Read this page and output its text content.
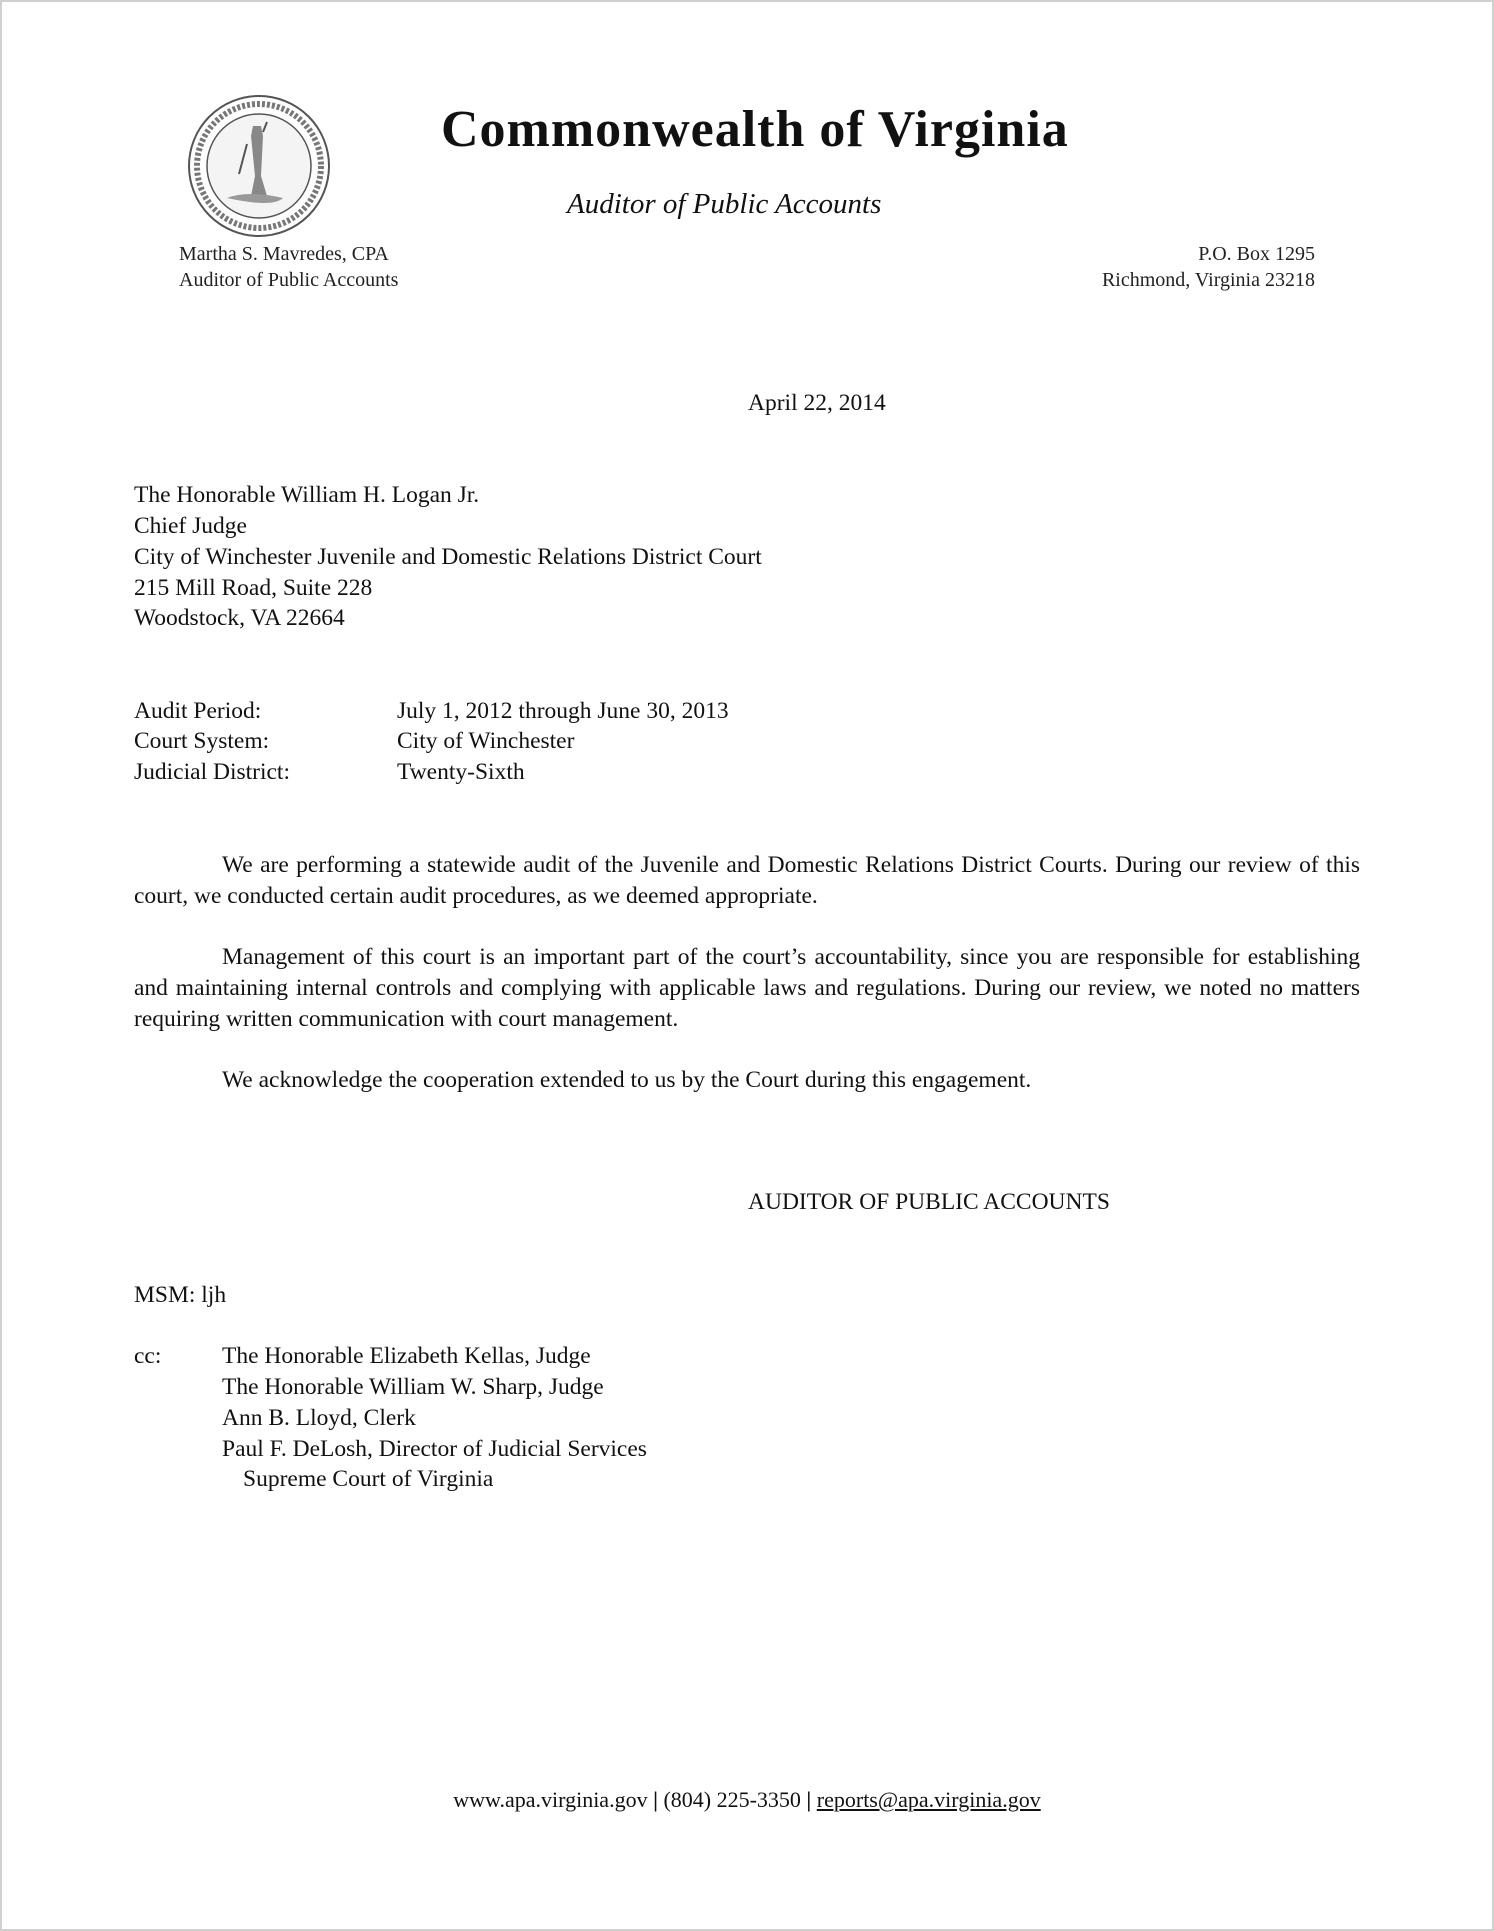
Commonwealth of Virginia
Auditor of Public Accounts
Martha S. Mavredes, CPA
Auditor of Public Accounts
P.O. Box 1295
Richmond, Virginia 23218
April 22, 2014
The Honorable William H. Logan Jr.
Chief Judge
City of Winchester Juvenile and Domestic Relations District Court
215 Mill Road, Suite 228
Woodstock, VA 22664
Audit Period:	July 1, 2012 through June 30, 2013
Court System:	City of Winchester
Judicial District:	Twenty-Sixth

We are performing a statewide audit of the Juvenile and Domestic Relations District Courts. During our review of this court, we conducted certain audit procedures, as we deemed appropriate.

Management of this court is an important part of the court’s accountability, since you are responsible for establishing and maintaining internal controls and complying with applicable laws and regulations. During our review, we noted no matters requiring written communication with court management.

We acknowledge the cooperation extended to us by the Court during this engagement.

AUDITOR OF PUBLIC ACCOUNTS
MSM: ljh
cc:	The Honorable Elizabeth Kellas, Judge
The Honorable William W. Sharp, Judge
Ann B. Lloyd, Clerk
Paul F. DeLosh, Director of Judicial Services
Supreme Court of Virginia
www.apa.virginia.gov | (804) 225-3350 | reports@apa.virginia.gov
